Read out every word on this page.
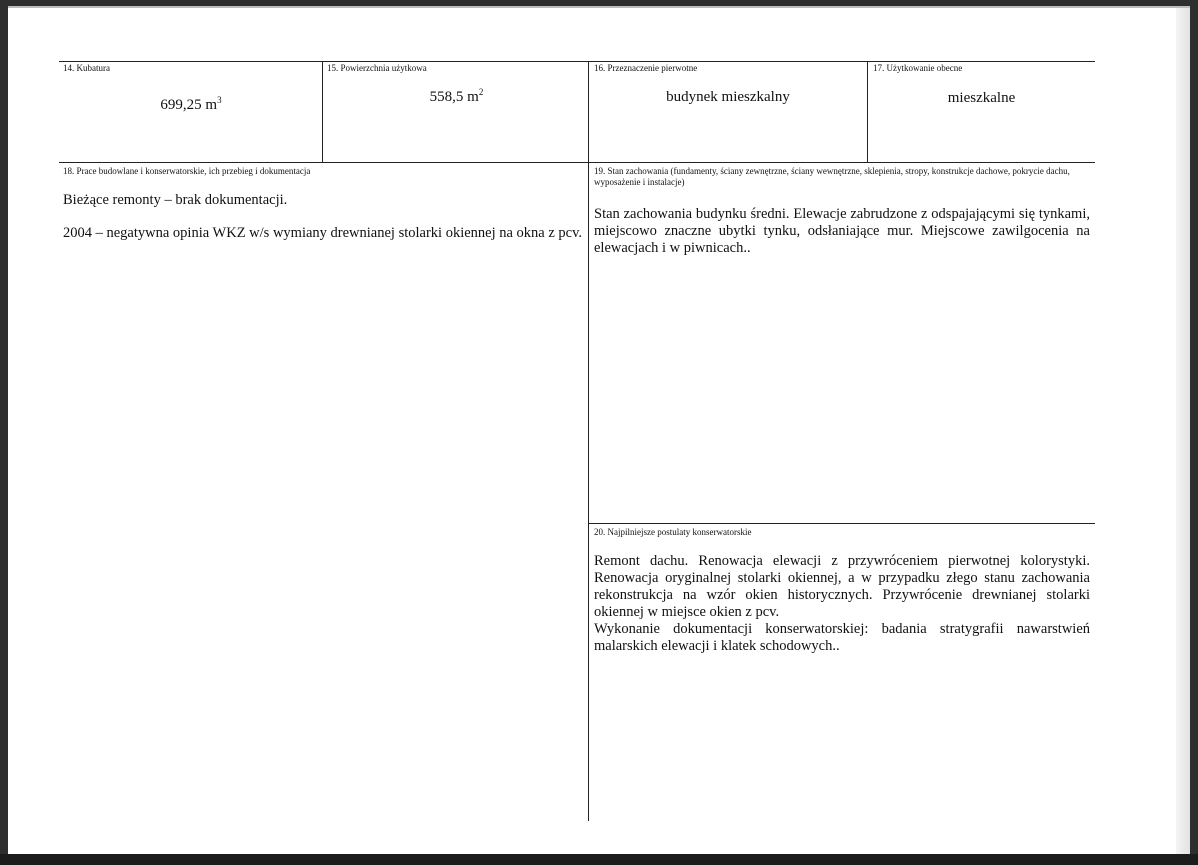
14. Kubatura
699,25 $m^3$
15. Powierzchnia użytkowa
558,5 $m^2$
16. Przeznaczenie pierwotne
budynek mieszkalny
17. Użytkowanie obecne
mieszkalne
18. Prace budowlane i konserwatorskie, ich przebieg i dokumentacja

Bieżące remonty – brak dokumentacji.

2004 – negatywna opinia WKZ w/s wymiany drewnianej stolarki okiennej na okna z pcv.

19. Stan zachowania (fundamenty, ściany zewnętrzne, ściany wewnętrzne, sklepienia, stropy, konstrukcje dachowe, pokrycie dachu, wyposażenie i instalacje)
Stan zachowania budynku średni. Elewacje zabrudzone z odspajającymi się tynkami, miejscowo znaczne ubytki tynku, odsłaniające mur. Miejscowe zawilgocenia na elewacjach i w piwnicach..
20. Najpilniejsze postulaty konserwatorskie

Remont dachu. Renowacja elewacji z przywróceniem pierwotnej kolorystyki. Renowacja oryginalnej stolarki okiennej, a w przypadku złego stanu zachowania rekonstrukcja na wzór okien historycznych. Przywrócenie drewnianej stolarki okiennej w miejsce okien z pcv.

Wykonanie dokumentacji konserwatorskiej: badania stratygrafii nawarstwień malarskich elewacji i klatek schodowych..
